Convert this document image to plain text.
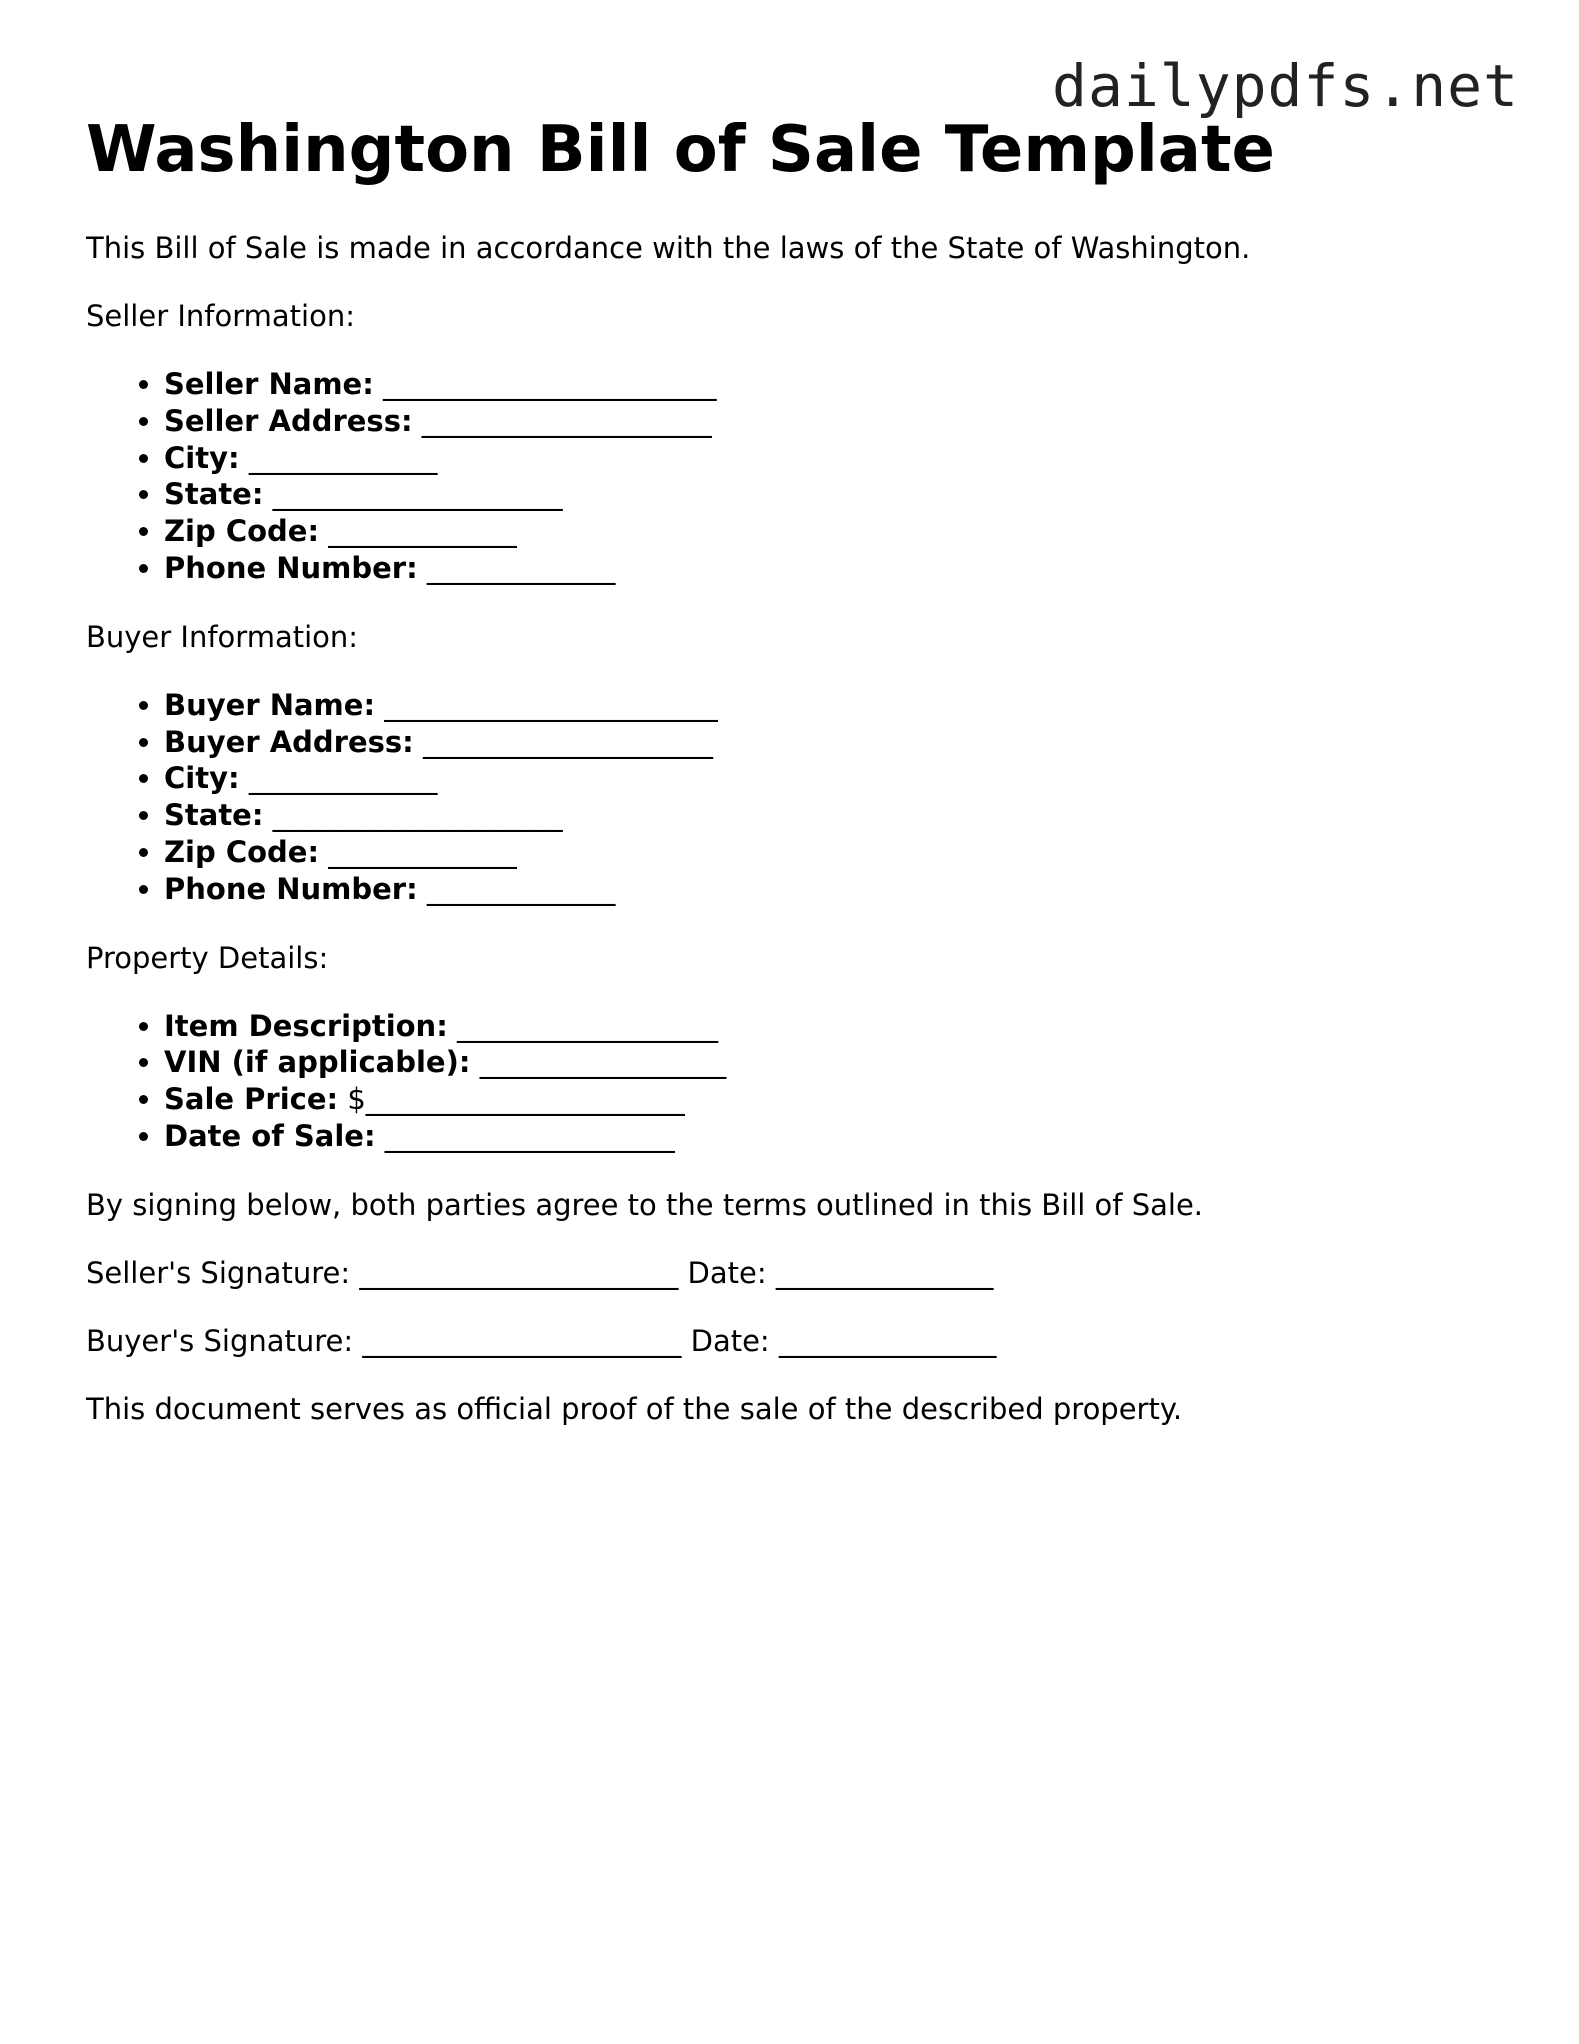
dailypdfs.net
Washington Bill of Sale Template

This Bill of Sale is made in accordance with the laws of the State of Washington.

Seller Information:

• Seller Name: _______________________
• Seller Address: ____________________
• City: _____________
• State: ____________________
• Zip Code: _____________
• Phone Number: _____________

Buyer Information:

• Buyer Name: _______________________
• Buyer Address: ____________________
• City: _____________
• State: ____________________
• Zip Code: _____________
• Phone Number: _____________

Property Details:

• Item Description: __________________
• VIN (if applicable): _________________
• Sale Price: $______________________
• Date of Sale: ____________________

By signing below, both parties agree to the terms outlined in this Bill of Sale.

Seller's Signature: ______________________ Date: _______________

Buyer's Signature: ______________________ Date: _______________

This document serves as official proof of the sale of the described property.
